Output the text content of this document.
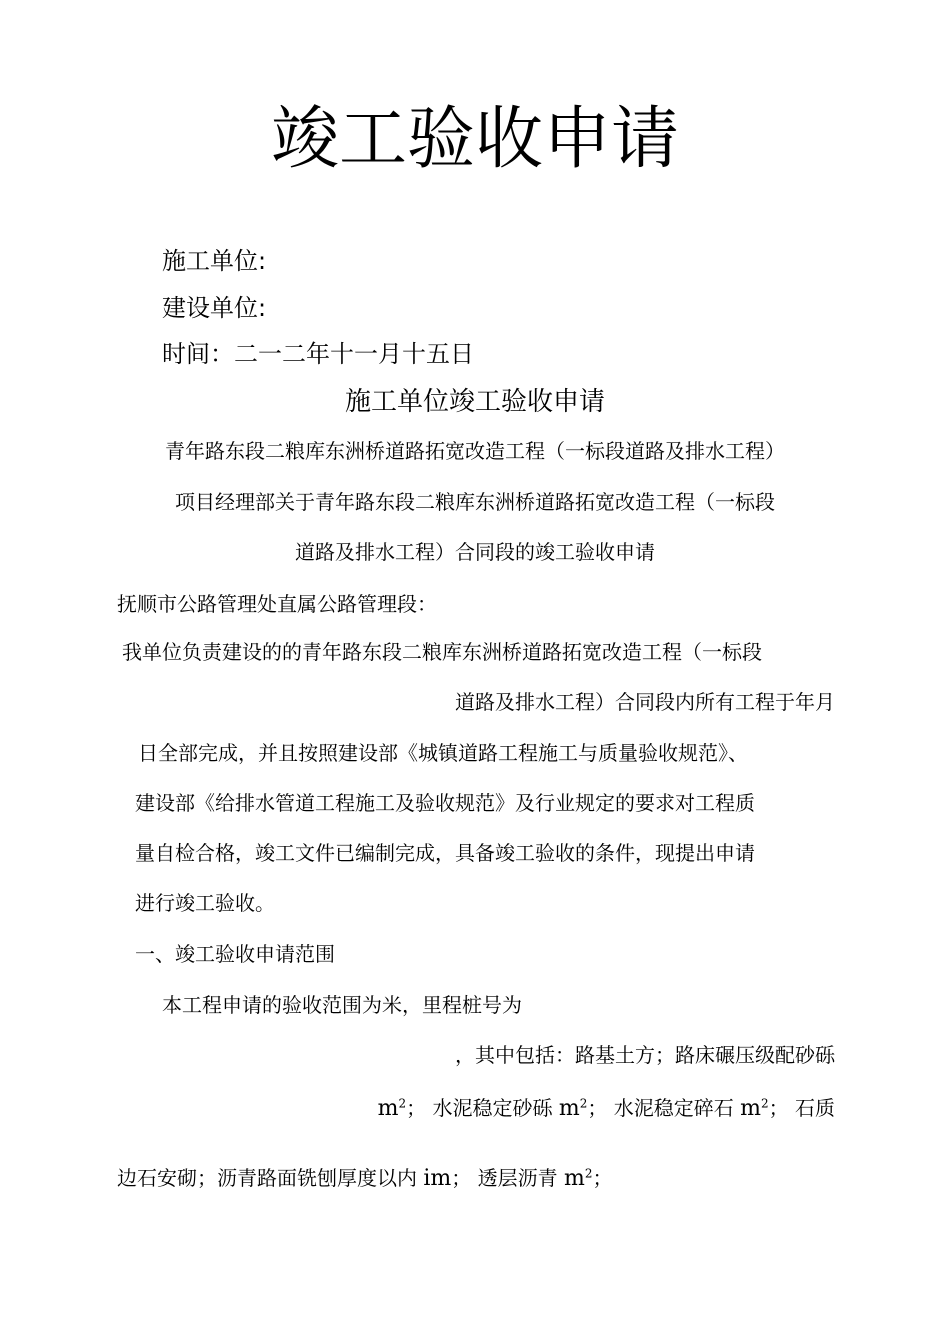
竣工验收申请

施工单位:

建设单位:

时间：二一二年十一月十五日

施工单位竣工验收申请

青年路东段二粮库东洲桥道路拓宽改造工程（一标段道路及排水工程）

项目经理部关于青年路东段二粮库东洲桥道路拓宽改造工程（一标段

道路及排水工程）合同段的竣工验收申请

抚顺市公路管理处直属公路管理段：

我单位负责建设的的青年路东段二粮库东洲桥道路拓宽改造工程（一标段

道路及排水工程）合同段内所有工程于年月

日全部完成，并且按照建设部《城镇道路工程施工与质量验收规范》、

建设部《给排水管道工程施工及验收规范》及行业规定的要求对工程质

量自检合格，竣工文件已编制完成，具备竣工验收的条件，现提出申请

进行竣工验收。

一、竣工验收申请范围

本工程申请的验收范围为米，里程桩号为

，其中包括：路基土方；路床碾压级配砂砾

$m^2$； 水泥稳定砂砾 $m^2$； 水泥稳定碎石 $m^2$； 石质

边石安砌；沥青路面铣刨厚度以内 im； 透层沥青 $m^2$；
